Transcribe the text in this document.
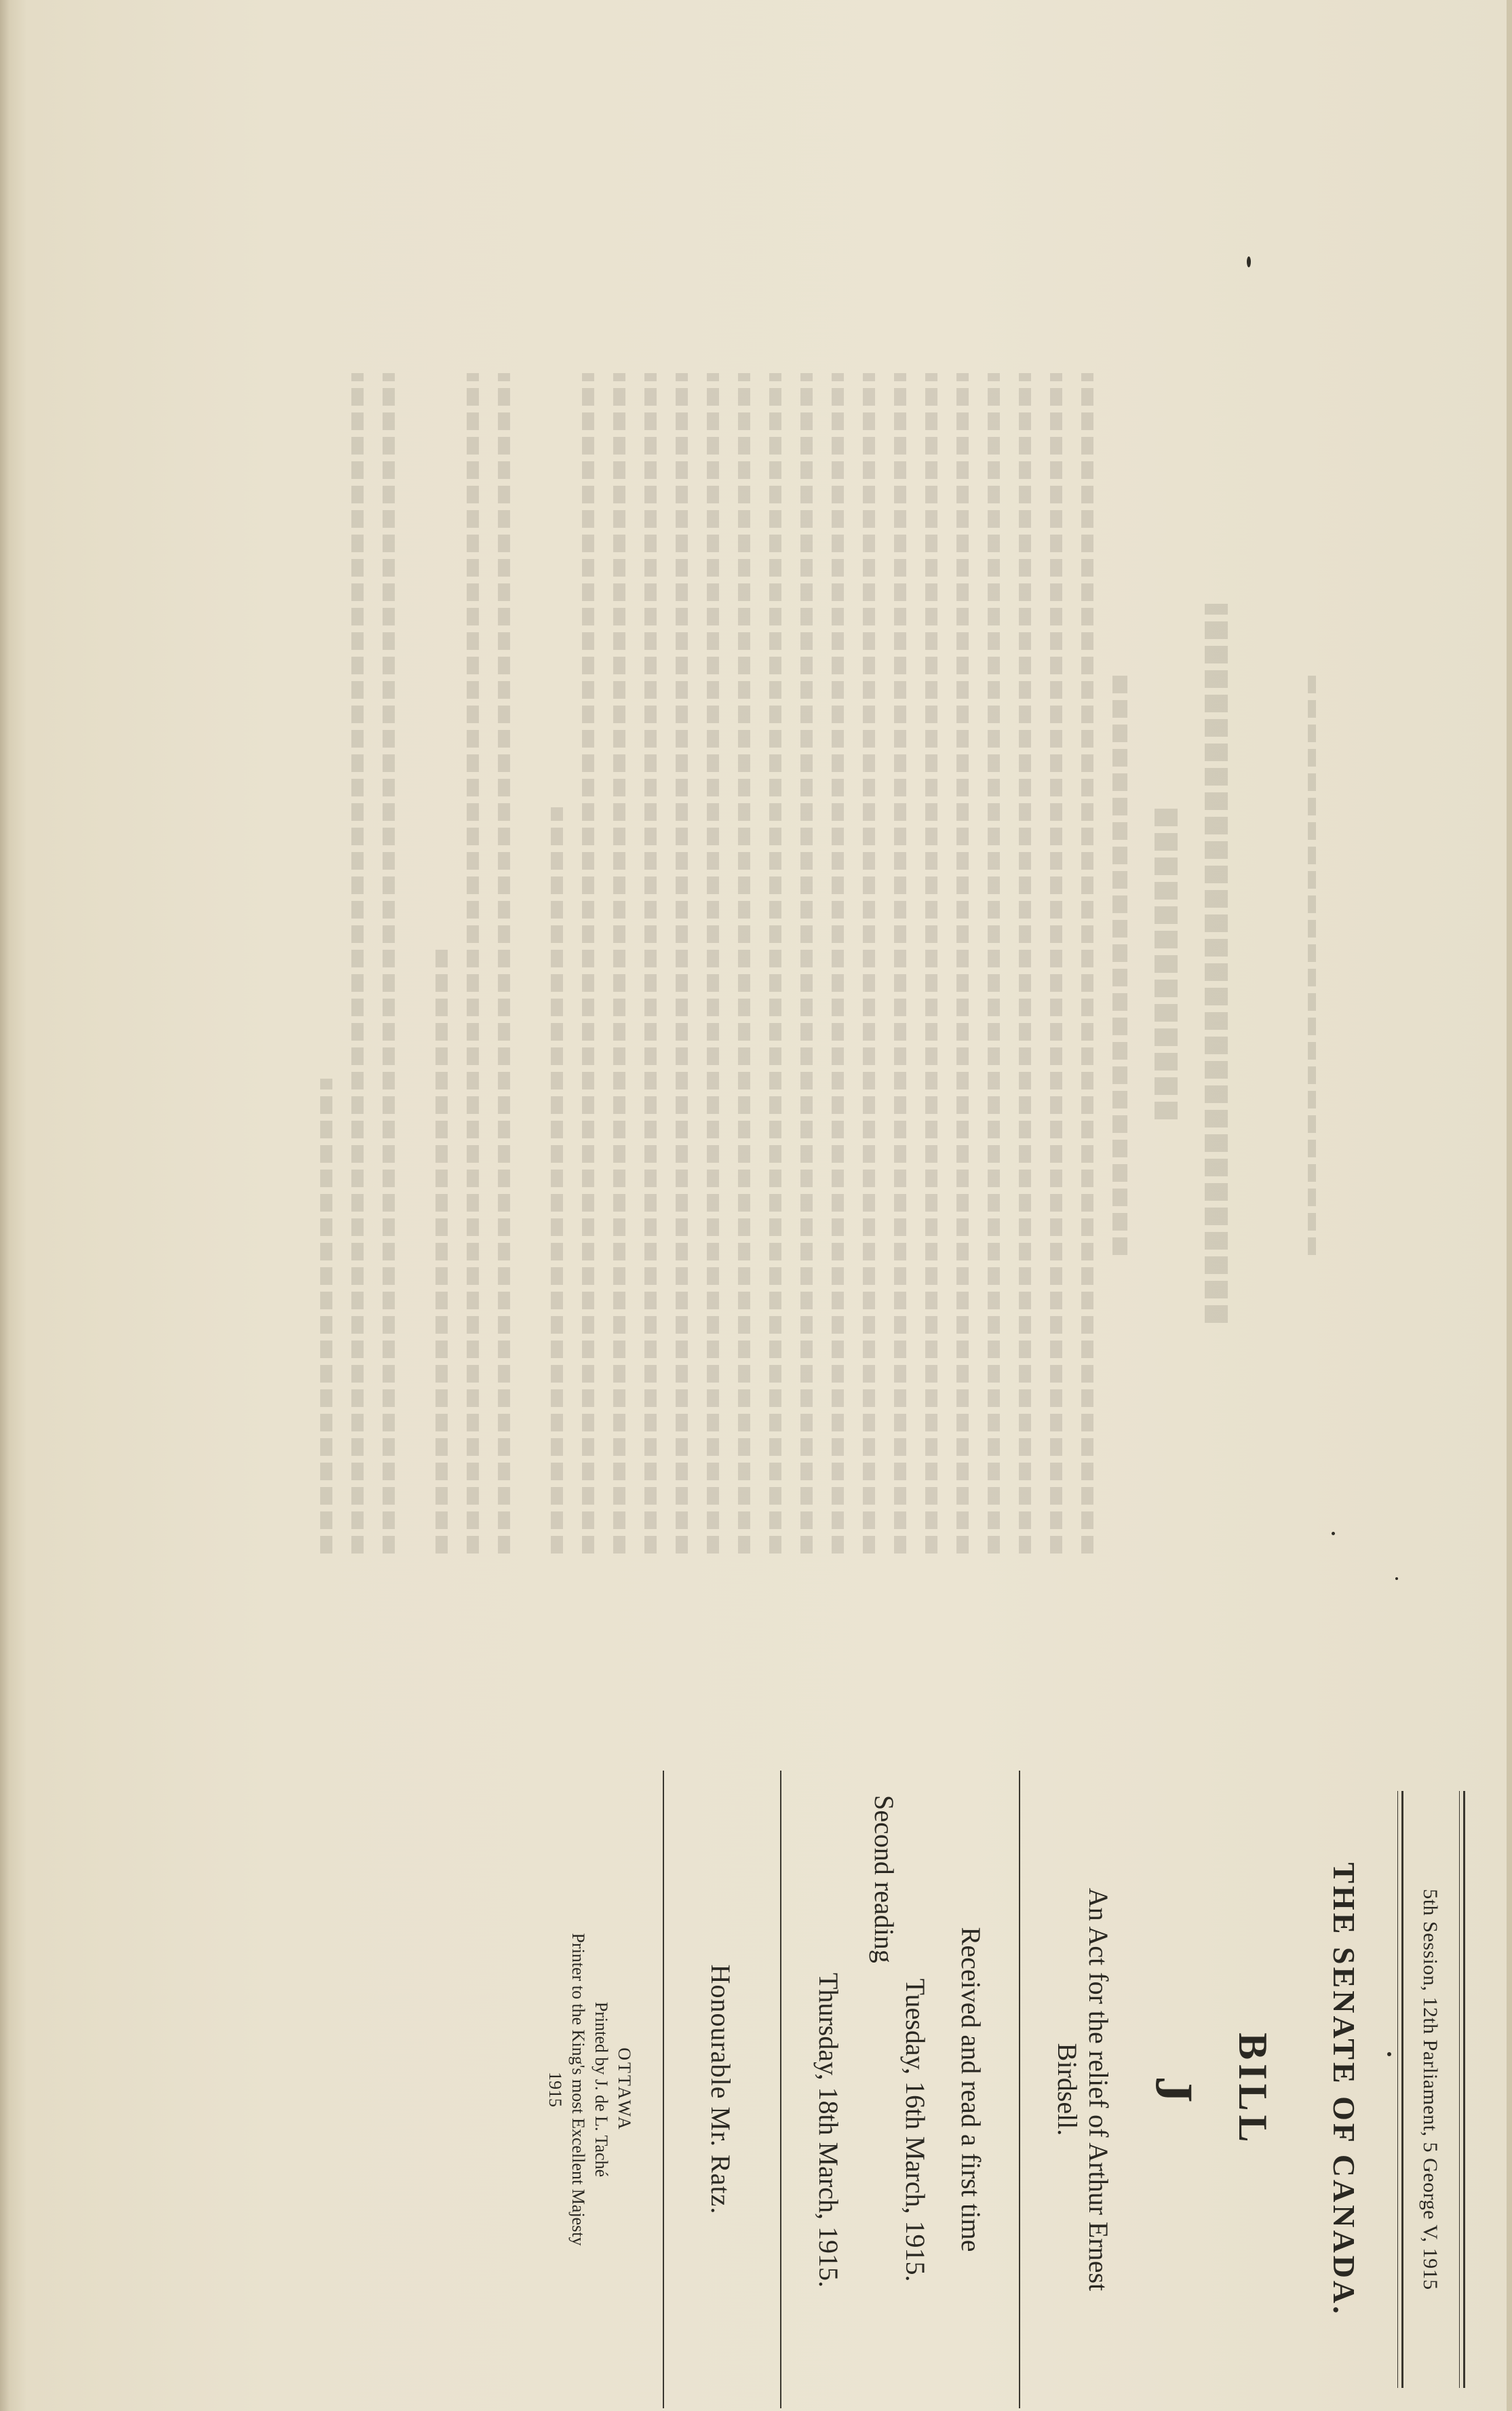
5th Session, 12th Parliament, 5 George V, 1915
THE SENATE OF CANADA.
BILL
J
An Act for the relief of Arthur Ernest Birdsell.
Received and read a first time
Tuesday, 16th March, 1915.
Second reading
Thursday, 18th March, 1915.
Honourable Mr. Ratz.
OTTAWA
Printed by J. de L. Taché
Printer to the King's most Excellent Majesty
1915
